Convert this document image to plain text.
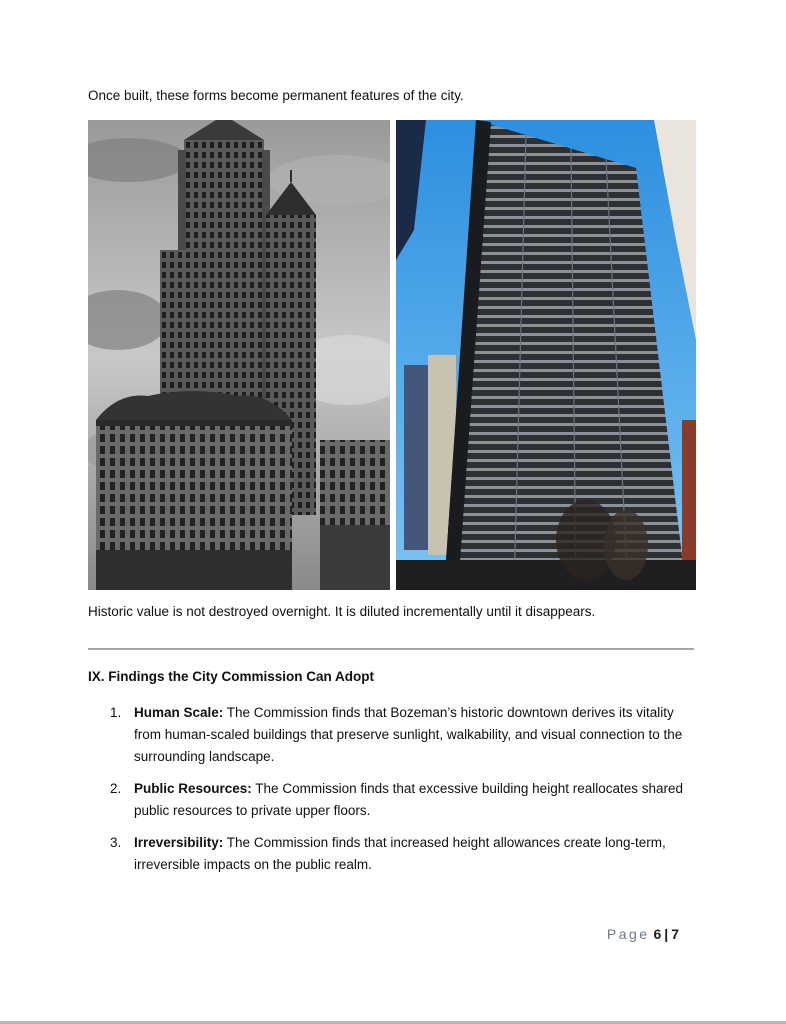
Once built, these forms become permanent features of the city.
Historic value is not destroyed overnight. It is diluted incrementally until it disappears.
IX. Findings the City Commission Can Adopt
1. Human Scale: The Commission finds that Bozeman’s historic downtown derives its vitality from human-scaled buildings that preserve sunlight, walkability, and visual connection to the surrounding landscape.
2. Public Resources: The Commission finds that excessive building height reallocates shared public resources to private upper floors.
3. Irreversibility: The Commission finds that increased height allowances create long-term, irreversible impacts on the public realm.
Page 6 | 7
